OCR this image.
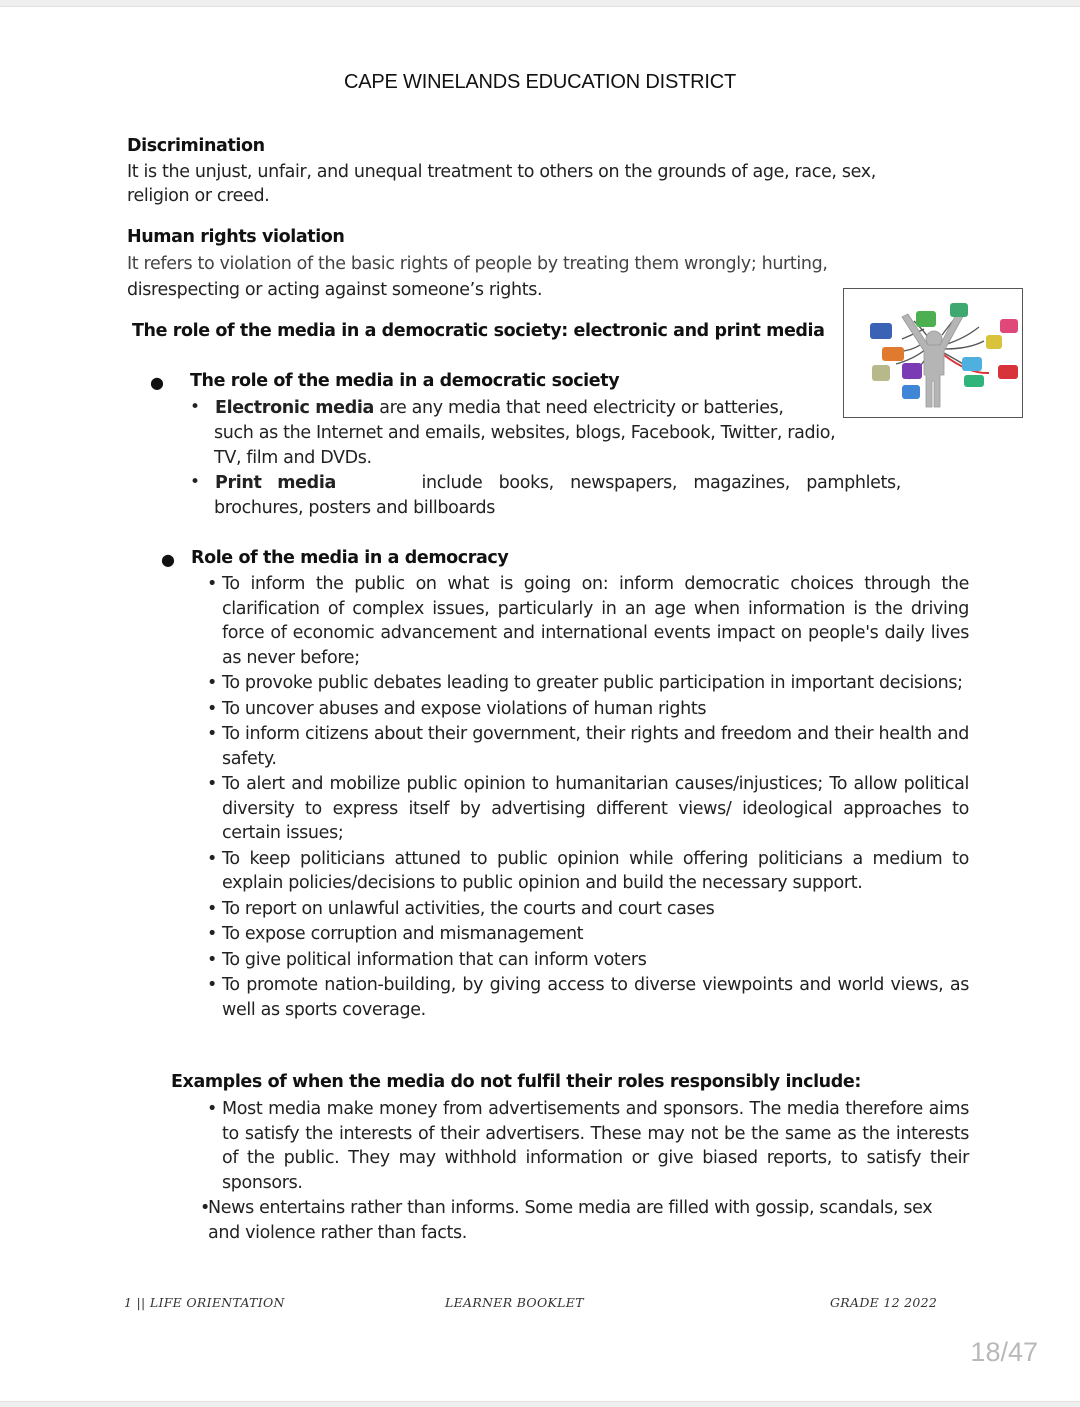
CAPE WINELANDS EDUCATION DISTRICT
Discrimination
It is the unjust, unfair, and unequal treatment to others on the grounds of age, race, sex,
religion or creed.
Human rights violation
It refers to violation of the basic rights of people by treating them wrongly; hurting,
disrespecting or acting against someone’s rights.
The role of the media in a democratic society: electronic and print media
● The role of the media in a democratic society
• Electronic media are any media that need electricity or batteries,
such as the Internet and emails, websites, blogs, Facebook, Twitter, radio,
TV, film and DVDs.
• Print media	include books, newspapers, magazines, pamphlets,
brochures, posters and billboards
● Role of the media in a democracy
• To inform the public on what is going on: inform democratic choices through the clarification of complex issues, particularly in an age when information is the driving force of economic advancement and international events impact on people's daily lives as never before;
• To provoke public debates leading to greater public participation in important decisions;
• To uncover abuses and expose violations of human rights
• To inform citizens about their government, their rights and freedom and their health and safety.
• To alert and mobilize public opinion to humanitarian causes/injustices; To allow political diversity to express itself by advertising different views/ ideological approaches to certain issues;
• To keep politicians attuned to public opinion while offering politicians a medium to explain policies/decisions to public opinion and build the necessary support.
• To report on unlawful activities, the courts and court cases
• To expose corruption and mismanagement
• To give political information that can inform voters
• To promote nation-building, by giving access to diverse viewpoints and world views, as well as sports coverage.
Examples of when the media do not fulfil their roles responsibly include:
• Most media make money from advertisements and sponsors. The media therefore aims to satisfy the interests of their advertisers. These may not be the same as the interests of the public. They may withhold information or give biased reports, to satisfy their sponsors.
•
News entertains rather than informs. Some media are filled with gossip, scandals, sex and violence rather than facts.
1 || LIFE ORIENTATION	LEARNER BOOKLET	GRADE 12 2022
18/47
